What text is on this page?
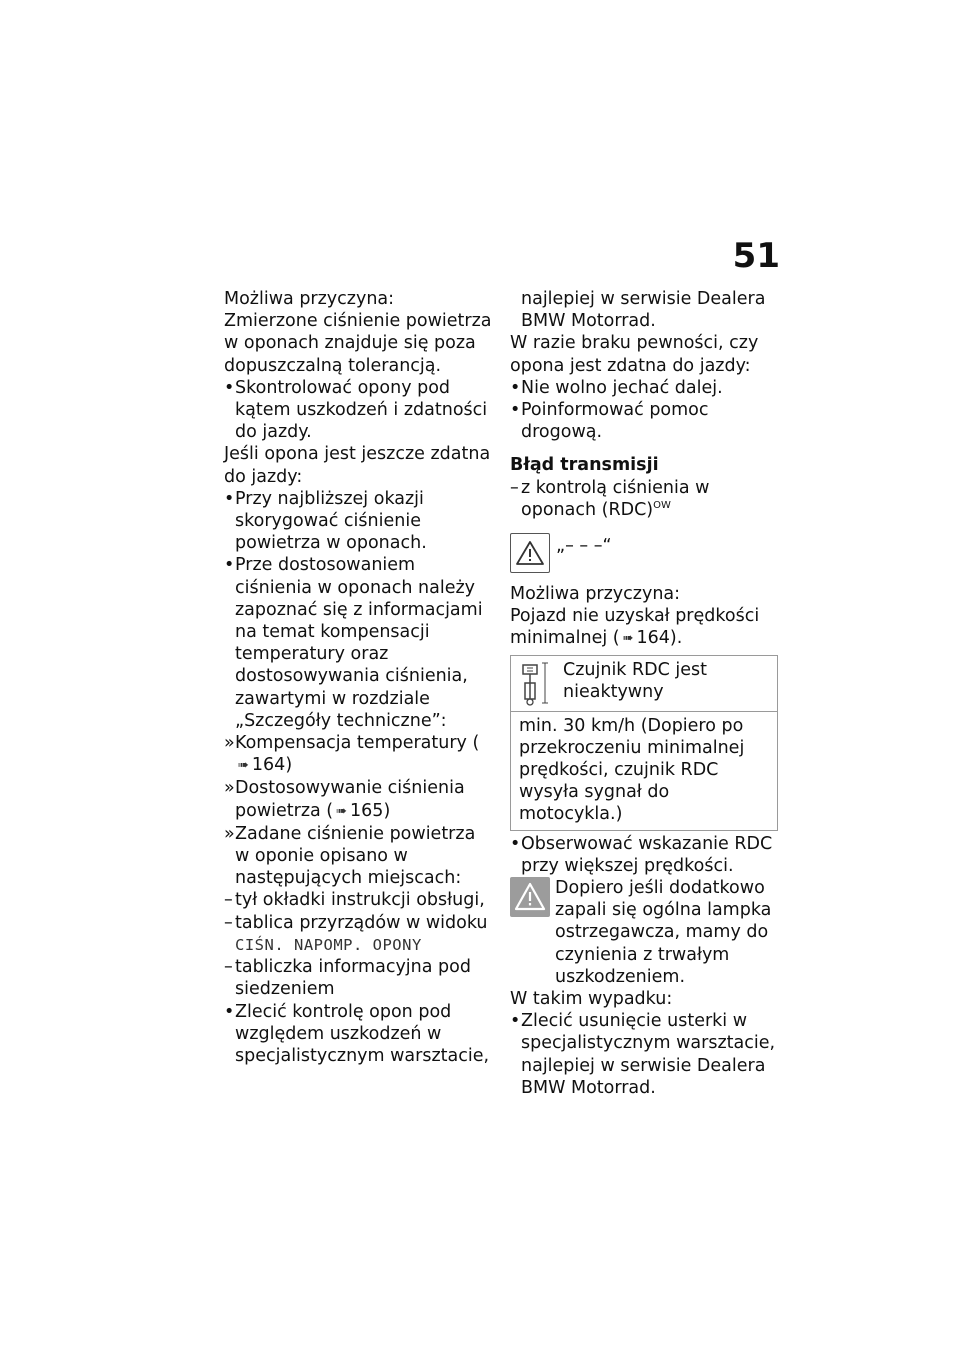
51

Możliwa przyczyna:

Zmierzone ciśnienie powietrza w oponach znajduje się poza dopuszczalną tolerancją.

• Skontrolować opony pod kątem uszkodzeń i zdatności do jazdy.

Jeśli opona jest jeszcze zdatna do jazdy:

• Przy najbliższej okazji skorygować ciśnienie powietrza w oponach.

• Prze dostosowaniem ciśnienia w oponach należy zapoznać się z informacjami na temat kompensacji temperatury oraz dostosowywania ciśnienia, zawartymi w rozdziale „Szczegóły techniczne”:

» Kompensacja temperatury (➠ 164)

» Dostosowywanie ciśnienia powietrza ( ➠ 165)

» Zadane ciśnienie powietrza w oponie opisano w następujących miejscach:

– tył okładki instrukcji obsługi,

– tablica przyrządów w widoku
CIŚN. NAPOMP. OPONY

– tabliczka informacyjna pod siedzeniem

• Zlecić kontrolę opon pod względem uszkodzeń w specjalistycznym warsztacie,

najlepiej w serwisie Dealera BMW Motorrad.

W razie braku pewności, czy opona jest zdatna do jazdy:

• Nie wolno jechać dalej.

• Poinformować pomoc drogową.

Błąd transmisji

– z kontrolą ciśnienia w oponach (RDC)$^{OW}$

„– – –“

Możliwa przyczyna:

Pojazd nie uzyskał prędkości minimalnej ( ➠ 164).

Czujnik RDC jest nieaktywny

min. 30 km/h (Dopiero po przekroczeniu minimalnej prędkości, czujnik RDC wysyła sygnał do motocykla.)

• Obserwować wskazanie RDC przy większej prędkości.

Dopiero jeśli dodatkowo zapali się ogólna lampka ostrzegawcza, mamy do czynienia z trwałym uszkodzeniem.

W takim wypadku:

• Zlecić usunięcie usterki w specjalistycznym warsztacie, najlepiej w serwisie Dealera BMW Motorrad.
